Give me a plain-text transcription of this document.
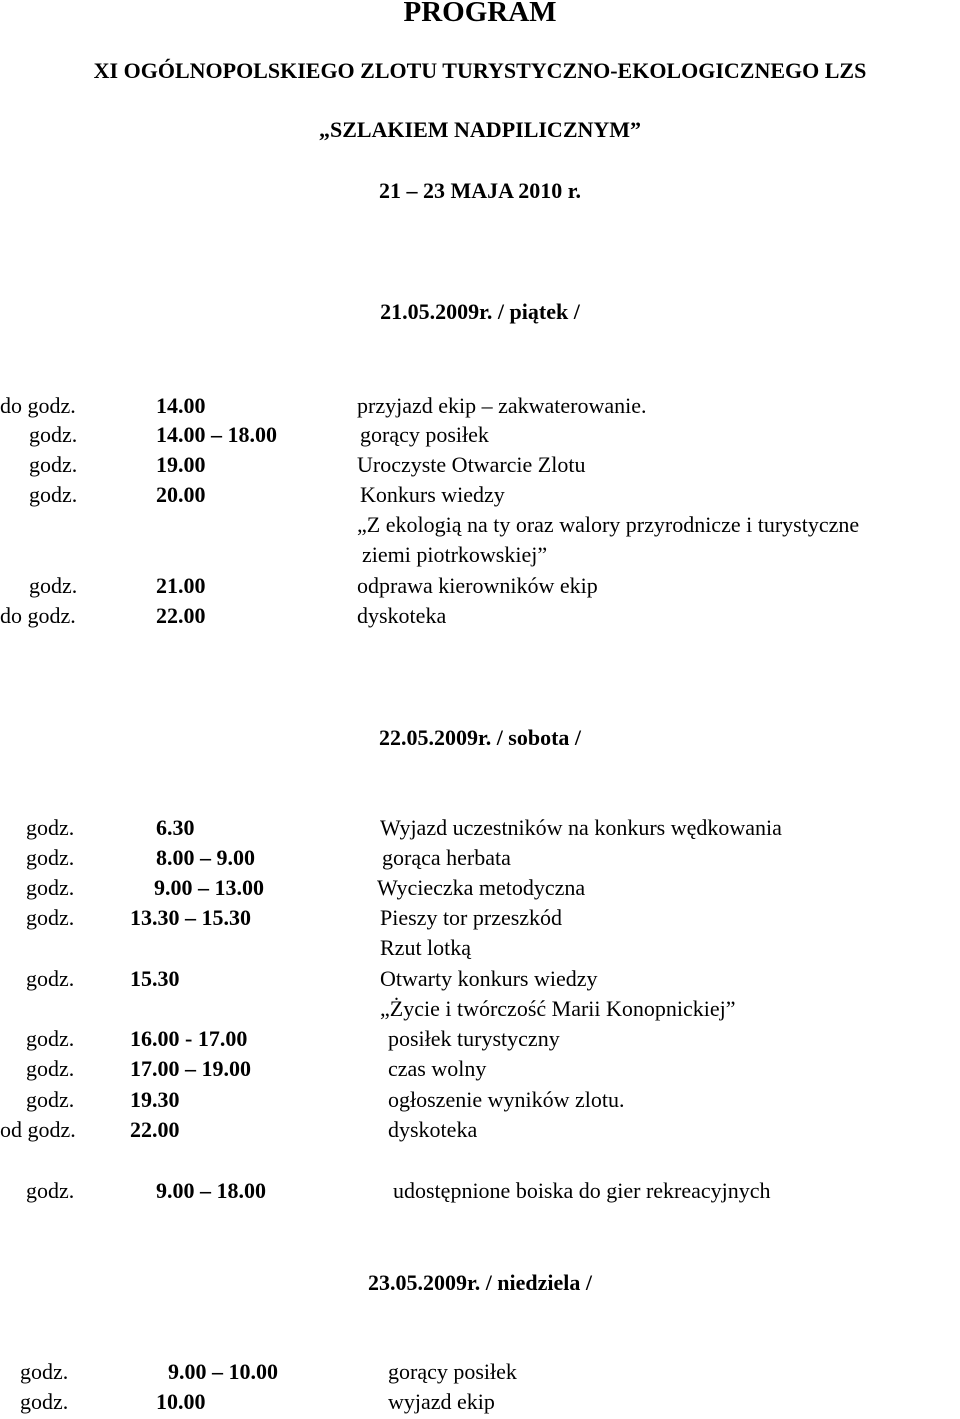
PROGRAM
XI OGÓLNOPOLSKIEGO ZLOTU TURYSTYCZNO-EKOLOGICZNEGO LZS
„SZLAKIEM NADPILICZNYM”
21 – 23 MAJA 2010 r.
21.05.2009r. / piątek /
do godz.	14.00	przyjazd ekip – zakwaterowanie.
godz.	14.00 – 18.00	gorący posiłek
godz.	19.00	Uroczyste Otwarcie Zlotu
godz.	20.00	Konkurs wiedzy
„Z ekologią na ty oraz walory przyrodnicze i turystyczne
ziemi piotrkowskiej”
godz.	21.00	odprawa kierowników ekip
do godz.	22.00	dyskoteka
22.05.2009r. / sobota /
godz.	6.30	Wyjazd uczestników na konkurs wędkowania
godz.	8.00 – 9.00	gorąca herbata
godz.	9.00 – 13.00	Wycieczka metodyczna
godz.	13.30 – 15.30	Pieszy tor przeszkód
Rzut lotką
godz.	15.30	Otwarty konkurs wiedzy
„Życie i twórczość Marii Konopnickiej”
godz.	16.00 - 17.00	posiłek turystyczny
godz.	17.00 – 19.00	czas wolny
godz.	19.30	ogłoszenie wyników zlotu.
od godz. 22.00	dyskoteka
godz.	9.00 – 18.00	udostępnione boiska do gier rekreacyjnych
23.05.2009r. / niedziela /
godz.	9.00 – 10.00	gorący posiłek
godz.	10.00	wyjazd ekip
